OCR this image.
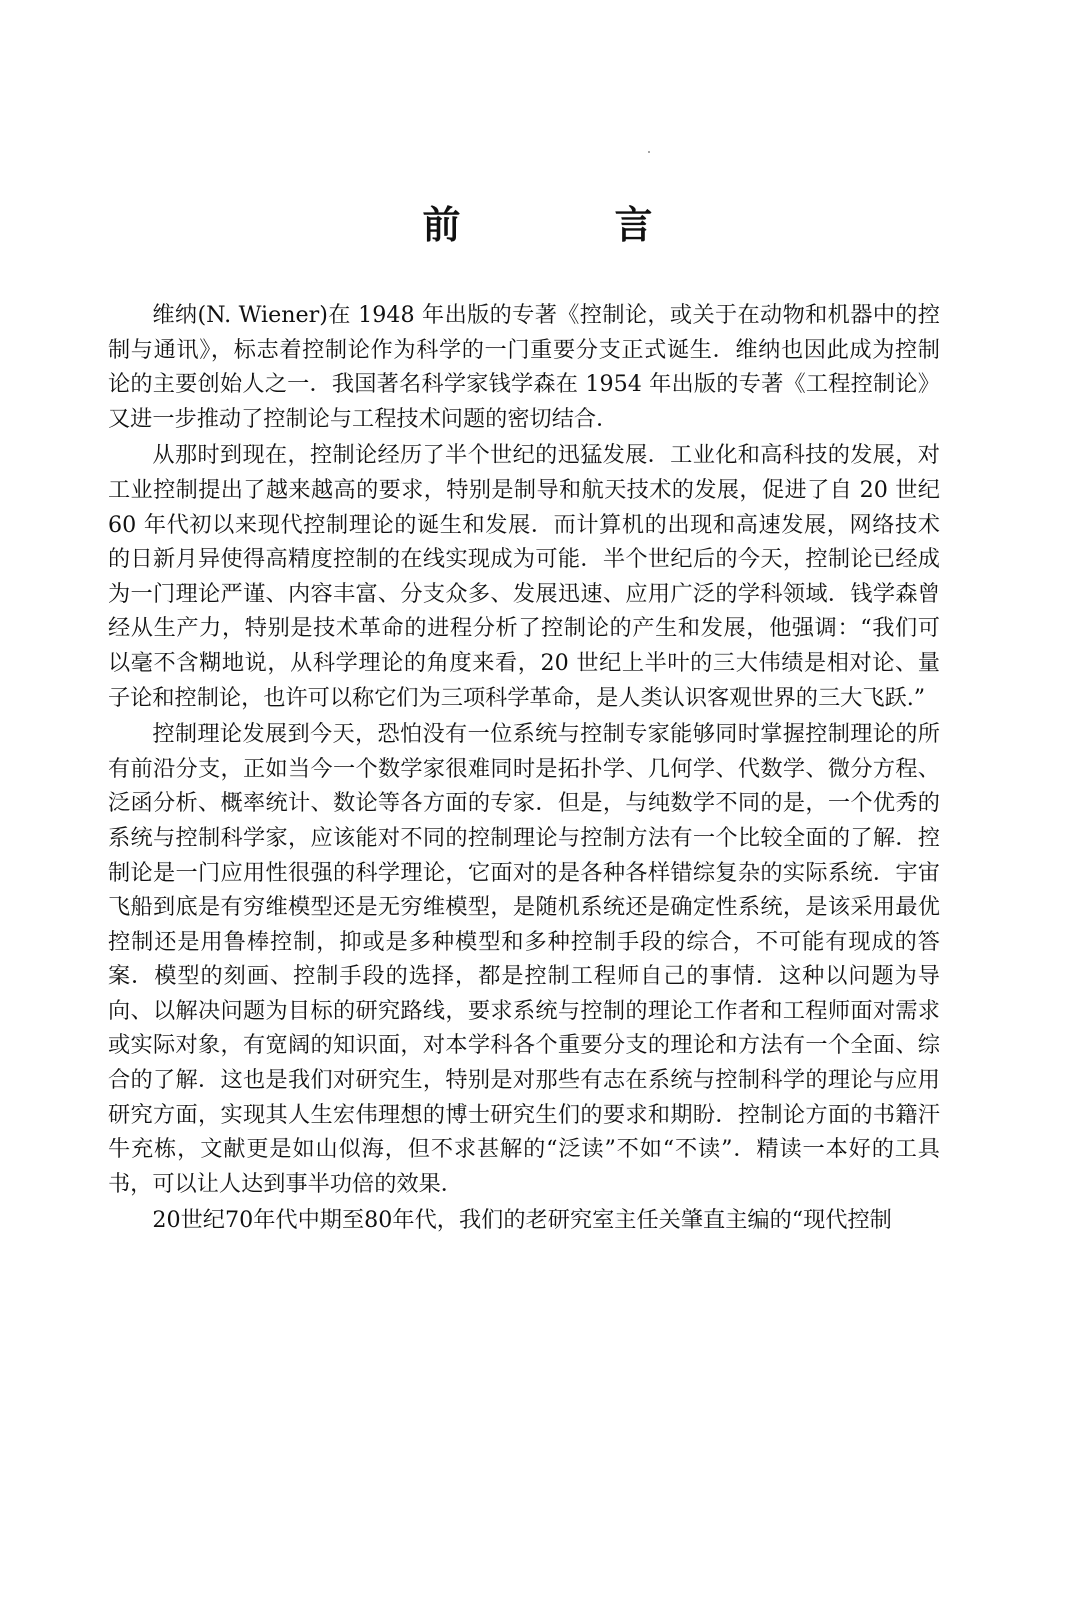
前　言

维纳(N. Wiener)在 1948 年出版的专著《控制论，或关于在动物和机器中的控制与通讯》，标志着控制论作为科学的一门重要分支正式诞生．维纳也因此成为控制论的主要创始人之一．我国著名科学家钱学森在 1954 年出版的专著《工程控制论》又进一步推动了控制论与工程技术问题的密切结合．

从那时到现在，控制论经历了半个世纪的迅猛发展．工业化和高科技的发展，对工业控制提出了越来越高的要求，特别是制导和航天技术的发展，促进了自 20 世纪 60 年代初以来现代控制理论的诞生和发展．而计算机的出现和高速发展，网络技术的日新月异使得高精度控制的在线实现成为可能．半个世纪后的今天，控制论已经成为一门理论严谨、内容丰富、分支众多、发展迅速、应用广泛的学科领域．钱学森曾经从生产力，特别是技术革命的进程分析了控制论的产生和发展，他强调：“我们可以毫不含糊地说，从科学理论的角度来看，20 世纪上半叶的三大伟绩是相对论、量子论和控制论，也许可以称它们为三项科学革命，是人类认识客观世界的三大飞跃.”

控制理论发展到今天，恐怕没有一位系统与控制专家能够同时掌握控制理论的所有前沿分支，正如当今一个数学家很难同时是拓扑学、几何学、代数学、微分方程、泛函分析、概率统计、数论等各方面的专家．但是，与纯数学不同的是，一个优秀的系统与控制科学家，应该能对不同的控制理论与控制方法有一个比较全面的了解．控制论是一门应用性很强的科学理论，它面对的是各种各样错综复杂的实际系统．宇宙飞船到底是有穷维模型还是无穷维模型，是随机系统还是确定性系统，是该采用最优控制还是用鲁棒控制，抑或是多种模型和多种控制手段的综合，不可能有现成的答案．模型的刻画、控制手段的选择，都是控制工程师自己的事情．这种以问题为导向、以解决问题为目标的研究路线，要求系统与控制的理论工作者和工程师面对需求或实际对象，有宽阔的知识面，对本学科各个重要分支的理论和方法有一个全面、综合的了解．这也是我们对研究生，特别是对那些有志在系统与控制科学的理论与应用研究方面，实现其人生宏伟理想的博士研究生们的要求和期盼．控制论方面的书籍汗牛充栋，文献更是如山似海，但不求甚解的“泛读”不如“不读”．精读一本好的工具书，可以让人达到事半功倍的效果．

20世纪70年代中期至80年代，我们的老研究室主任关肇直主编的“现代控制
